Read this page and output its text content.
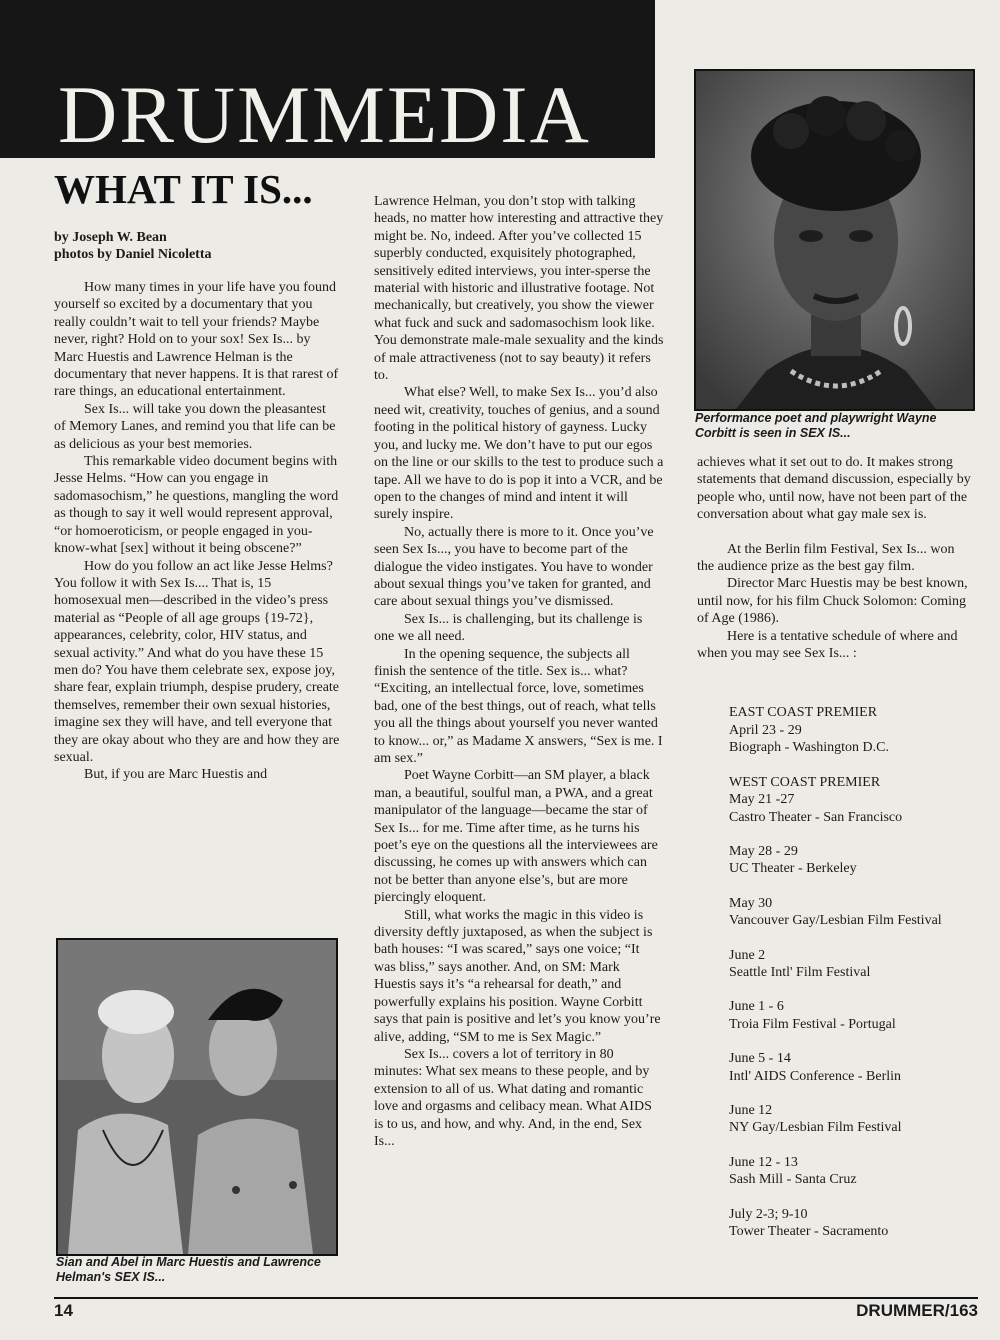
DRUMMEDIA
WHAT IT IS...
by Joseph W. Bean
photos by Daniel Nicoletta

How many times in your life have you found yourself so excited by a documentary that you really couldn’t wait to tell your friends? Maybe never, right? Hold on to your sox! Sex Is... by Marc Huestis and Lawrence Helman is the documentary that never happens. It is that rarest of rare things, an educational entertainment.

Sex Is... will take you down the pleasantest of Memory Lanes, and remind you that life can be as delicious as your best memories.

This remarkable video document begins with Jesse Helms. “How can you engage in sadomasochism,” he questions, mangling the word as though to say it well would represent approval, “or homoeroticism, or people engaged in you-know-what [sex] without it being obscene?”

How do you follow an act like Jesse Helms? You follow it with Sex Is.... That is, 15 homosexual men—described in the video’s press material as “People of all age groups {19-72}, appearances, celebrity, color, HIV status, and sexual activity.” And what do you have these 15 men do? You have them celebrate sex, expose joy, share fear, explain triumph, despise prudery, create themselves, remember their own sexual histories, imagine sex they will have, and tell everyone that they are okay about who they are and how they are sexual.

But, if you are Marc Huestis and

Lawrence Helman, you don’t stop with talking heads, no matter how interesting and attractive they might be. No, indeed. After you’ve collected 15 superbly conducted, exquisitely photographed, sensitively edited interviews, you inter-sperse the material with historic and illustrative footage. Not mechanically, but creatively, you show the viewer what fuck and suck and sadomasochism look like. You demonstrate male-male sexuality and the kinds of male attractiveness (not to say beauty) it refers to.

What else? Well, to make Sex Is... you’d also need wit, creativity, touches of genius, and a sound footing in the political history of gayness. Lucky you, and lucky me. We don’t have to put our egos on the line or our skills to the test to produce such a tape. All we have to do is pop it into a VCR, and be open to the changes of mind and intent it will surely inspire.

No, actually there is more to it. Once you’ve seen Sex Is..., you have to become part of the dialogue the video instigates. You have to wonder about sexual things you’ve taken for granted, and care about sexual things you’ve dismissed.

Sex Is... is challenging, but its challenge is one we all need.

In the opening sequence, the subjects all finish the sentence of the title. Sex is... what? “Exciting, an intellectual force, love, sometimes bad, one of the best things, out of reach, what tells you all the things about yourself you never wanted to know... or,” as Madame X answers, “Sex is me. I am sex.”

Poet Wayne Corbitt—an SM player, a black man, a beautiful, soulful man, a PWA, and a great manipulator of the language—became the star of Sex Is... for me. Time after time, as he turns his poet’s eye on the questions all the interviewees are discussing, he comes up with answers which can not be better than anyone else’s, but are more piercingly eloquent.

Still, what works the magic in this video is diversity deftly juxtaposed, as when the subject is bath houses: “I was scared,” says one voice; “It was bliss,” says another. And, on SM: Mark Huestis says it’s “a rehearsal for death,” and powerfully explains his position. Wayne Corbitt says that pain is positive and let’s you know you’re alive, adding, “SM to me is Sex Magic.”

Sex Is... covers a lot of territory in 80 minutes: What sex means to these people, and by extension to all of us. What dating and romantic love and orgasms and celibacy mean. What AIDS is to us, and how, and why. And, in the end, Sex Is...

Performance poet and playwright Wayne Corbitt is seen in SEX IS...

achieves what it set out to do. It makes strong statements that demand discussion, especially by people who, until now, have not been part of the conversation about what gay male sex is.

At the Berlin film Festival, Sex Is... won the audience prize as the best gay film.

Director Marc Huestis may be best known, until now, for his film Chuck Solomon: Coming of Age (1986).

Here is a tentative schedule of where and when you may see Sex Is... :

EAST COAST PREMIER
April 23 - 29
Biograph - Washington D.C.
WEST COAST PREMIER
May 21 -27
Castro Theater - San Francisco
May 28 - 29
UC Theater - Berkeley
May 30
Vancouver Gay/Lesbian Film Festival
June 2
Seattle Intl' Film Festival
June 1 - 6
Troia Film Festival - Portugal
June 5 - 14
Intl' AIDS Conference - Berlin
June 12
NY Gay/Lesbian Film Festival
June 12 - 13
Sash Mill - Santa Cruz
July 2-3; 9-10
Tower Theater - Sacramento
Sian and Abel in Marc Huestis and Lawrence Helman's SEX IS...
14	DRUMMER/163
